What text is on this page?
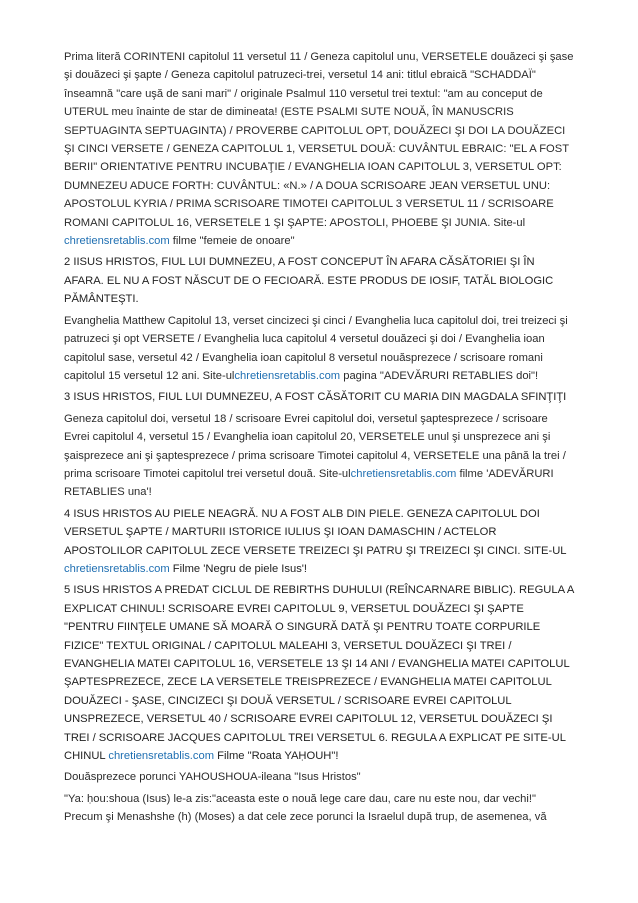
Prima literă CORINTENI capitolul 11 versetul 11 / Geneza capitolul unu, VERSETELE douăzeci şi şase şi douăzeci şi şapte / Geneza capitolul patruzeci-trei, versetul 14 ani: titlul ebraică "SCHADDAÏ" înseamnă "care uşă de sani mari" / originale Psalmul 110 versetul trei textul: "am au conceput de UTERUL meu înainte de star de dimineata! (ESTE PSALMI SUTE NOUĂ, ÎN MANUSCRIS SEPTUAGINTA SEPTUAGINTA) / PROVERBE CAPITOLUL OPT, DOUĂZECI ŞI DOI LA DOUĂZECI ŞI CINCI VERSETE / GENEZA CAPITOLUL 1, VERSETUL DOUĂ: CUVÂNTUL EBRAIC: "EL A FOST BERII" ORIENTATIVE PENTRU INCUBAŢIE / EVANGHELIA IOAN CAPITOLUL 3, VERSETUL OPT: DUMNEZEU ADUCE FORTH: CUVÂNTUL: «N.» / A DOUA SCRISOARE JEAN VERSETUL UNU: APOSTOLUL KYRIA / PRIMA SCRISOARE TIMOTEI CAPITOLUL 3 VERSETUL 11 / SCRISOARE ROMANI CAPITOLUL 16, VERSETELE 1 ŞI ŞAPTE: APOSTOLI, PHOEBE ŞI JUNIA. Site-ul chretiensretablis.com filme "femeie de onoare"

2 IISUS HRISTOS, FIUL LUI DUMNEZEU, A FOST CONCEPUT ÎN AFARA CĂSĂTORIEI ŞI ÎN AFARA. EL NU A FOST NĂSCUT DE O FECIOARĂ. ESTE PRODUS DE IOSIF, TATĂL BIOLOGIC PĂMÂNTEŞTI.

Evanghelia Matthew Capitolul 13, verset cincizeci şi cinci / Evanghelia luca capitolul doi, trei treizeci şi patruzeci şi opt VERSETE / Evanghelia luca capitolul 4 versetul douăzeci şi doi / Evanghelia ioan capitolul sase, versetul 42 / Evanghelia ioan capitolul 8 versetul nouăsprezece / scrisoare romani capitolul 15 versetul 12 ani. Site-ulchretiensretablis.com pagina "ADEVĂRURI RETABLIES doi"!

3 ISUS HRISTOS, FIUL LUI DUMNEZEU, A FOST CĂSĂTORIT CU MARIA DIN MAGDALA SFINŢIŢI

Geneza capitolul doi, versetul 18 / scrisoare Evrei capitolul doi, versetul şaptesprezece / scrisoare Evrei capitolul 4, versetul 15 / Evanghelia ioan capitolul 20, VERSETELE unul şi unsprezece ani şi şaisprezece ani şi şaptesprezece / prima scrisoare Timotei capitolul 4, VERSETELE una până la trei / prima scrisoare Timotei capitolul trei versetul două. Site-ulchretiensretablis.com filme 'ADEVĂRURI RETABLIES una'!

4 ISUS HRISTOS AU PIELE NEAGRĂ. NU A FOST ALB DIN PIELE. GENEZA CAPITOLUL DOI VERSETUL ŞAPTE / MARTURII ISTORICE IULIUS ŞI IOAN DAMASCHIN / ACTELOR APOSTOLILOR CAPITOLUL ZECE VERSETE TREIZECI ŞI PATRU ŞI TREIZECI ŞI CINCI. SITE-UL chretiensretablis.com Filme 'Negru de piele Isus'!

5 ISUS HRISTOS A PREDAT CICLUL DE REBIRTHS DUHULUI (REÎNCARNARE BIBLIC). REGULA A EXPLICAT CHINUL! SCRISOARE EVREI CAPITOLUL 9, VERSETUL DOUĂZECI ŞI ŞAPTE "PENTRU FIINŢELE UMANE SĂ MOARĂ O SINGURĂ DATĂ ŞI PENTRU TOATE CORPURILE FIZICE" TEXTUL ORIGINAL / CAPITOLUL MALEAHI 3, VERSETUL DOUĂZECI ŞI TREI / EVANGHELIA MATEI CAPITOLUL 16, VERSETELE 13 ŞI 14 ANI / EVANGHELIA MATEI CAPITOLUL ŞAPTESPREZECE, ZECE LA VERSETELE TREISPREZECE / EVANGHELIA MATEI CAPITOLUL DOUĂZECI - ŞASE, CINCIZECI ŞI DOUĂ VERSETUL / SCRISOARE EVREI CAPITOLUL UNSPREZECE, VERSETUL 40 / SCRISOARE EVREI CAPITOLUL 12, VERSETUL DOUĂZECI ŞI TREI / SCRISOARE JACQUES CAPITOLUL TREI VERSETUL 6. REGULA A EXPLICAT PE SITE-UL CHINUL chretiensretablis.com Filme "Roata YAḤOUH"!

Douăsprezece porunci YAHOUSHOUA-ileana "Isus Hristos"

"Ya: ḥou:shoua (Isus) le-a zis:"aceasta este o nouă lege care dau, care nu este nou, dar vechi!" Precum şi Menashshe (h) (Moses) a dat cele zece porunci la Israelul după trup, de asemenea, vă
